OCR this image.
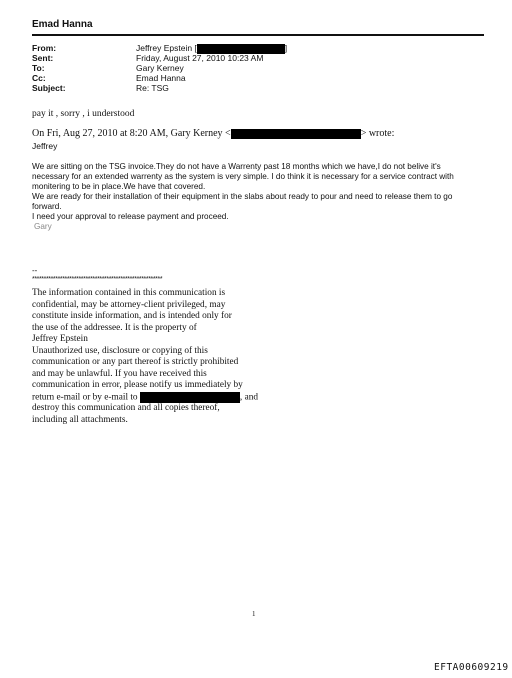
Emad Hanna
From:	Jeffrey Epstein [	]
Sent:	Friday, August 27, 2010 10:23 AM
To:	Gary Kerney
Cc:	Emad Hanna
Subject:	Re: TSG
pay it , sorry , i understood
On Fri, Aug 27, 2010 at 8:20 AM, Gary Kerney <	> wrote:
Jeffrey
We are sitting on the TSG invoice.They do not have a Warrenty past 18 months which we have,I do not belive it's
necessary for an extended warrenty as the system is very simple. I do think it is necessary for a service contract with
monitering to be in place.We have that covered.
We are ready for their installation of their equipment in the slabs about ready to pour and need to release them to go
forward.
I need your approval to release payment and proceed.
Gary
--
********************************************************
The information contained in this communication is
confidential, may be attorney-client privileged, may
constitute inside information, and is intended only for
the use of the addressee. It is the property of
Jeffrey Epstein
Unauthorized use, disclosure or copying of this
communication or any part thereof is strictly prohibited
and may be unlawful. If you have received this
communication in error, please notify us immediately by
return e-mail or by e-mail to	, and
destroy this communication and all copies thereof,
including all attachments.
1
EFTA00609219
